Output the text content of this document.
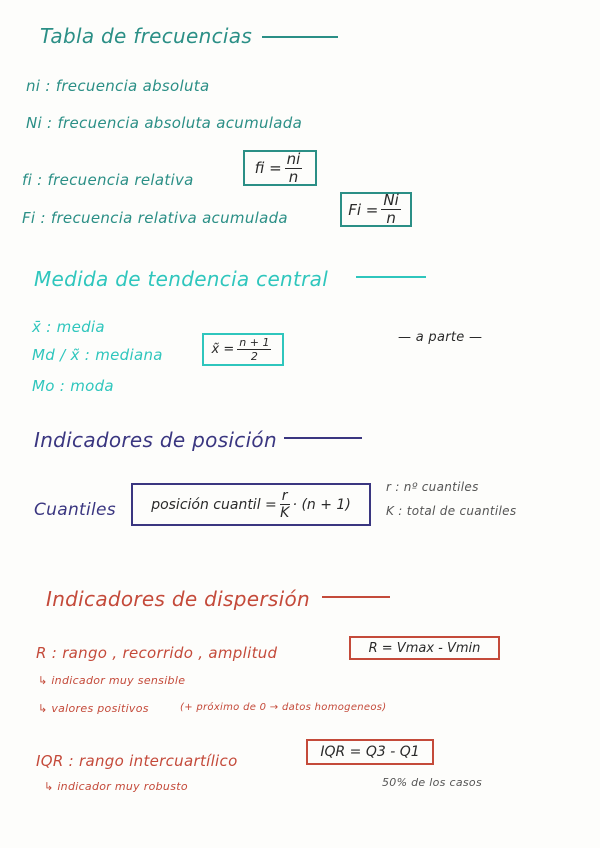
Tabla de frecuencias
ni : frecuencia absoluta
Ni : frecuencia absoluta acumulada
fi : frecuencia relativa
Fi : frecuencia relativa acumulada
fi = $\frac{ni}{n}$
$Fi = \frac{Ni}{n}$
Medida de tendencia central
x̄ : media
Md / x̃ : mediana
Mo : moda
x̃ = $\frac{n + 1}{2}$	— a parte —
Indicadores de posición
Cuantiles	posición cuantil = $\frac{r}{K} \cdot (n + 1)$
r : nº cuantiles
K : total de cuantiles
Indicadores de dispersión
R : rango , recorrido , amplitud
↳ indicador muy sensible
↳ valores positivos	(+ próximo de 0 → datos homogeneos)
R = Vmax - Vmin
IQR : rango intercuartílico
↳ indicador muy robusto
IQR = Q3 - Q1
50% de los casos
